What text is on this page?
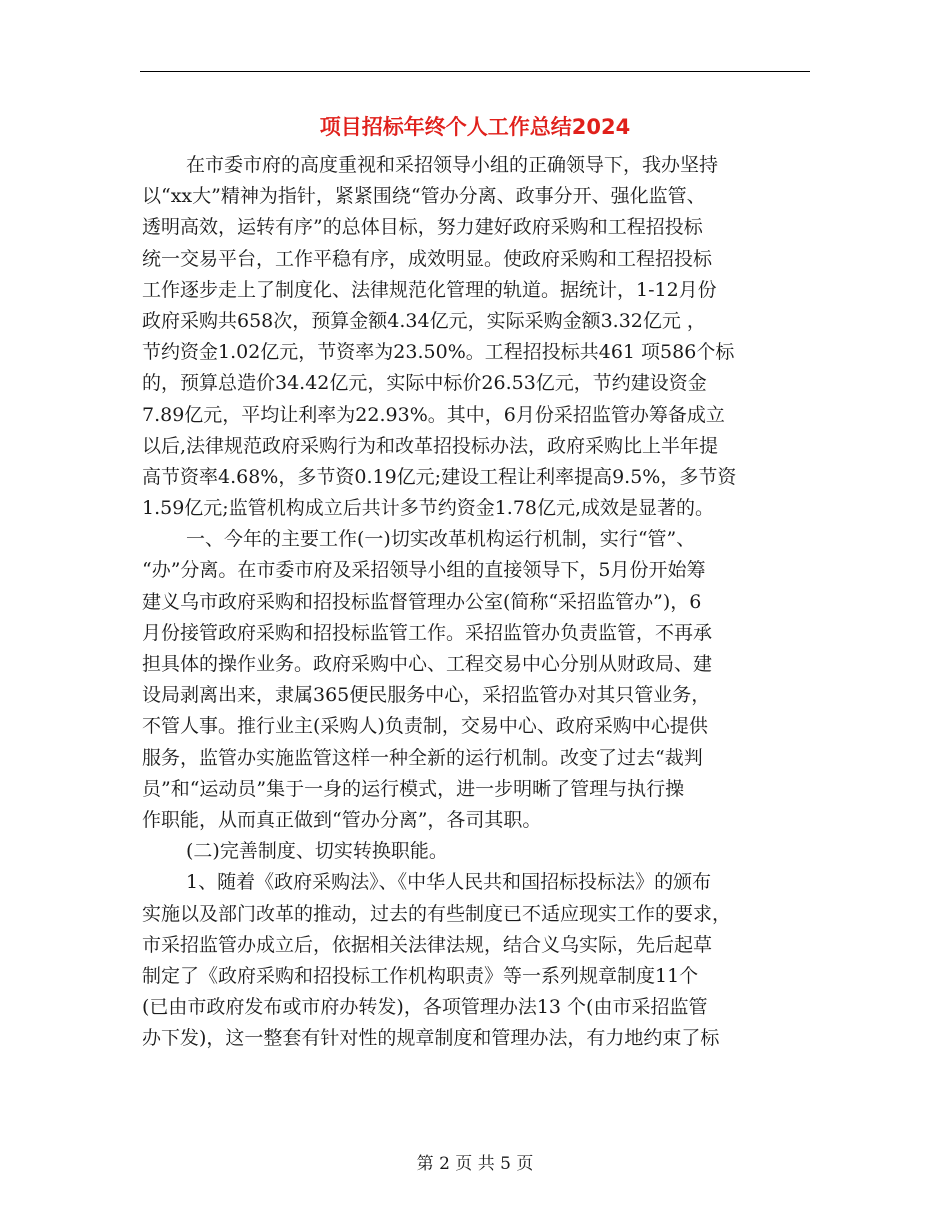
项目招标年终个人工作总结2024
在市委市府的高度重视和采招领导小组的正确领导下，我办坚持
以“xx大”精神为指针，紧紧围绕“管办分离、政事分开、强化监管、
透明高效，运转有序”的总体目标，努力建好政府采购和工程招投标
统一交易平台，工作平稳有序，成效明显。使政府采购和工程招投标
工作逐步走上了制度化、法律规范化管理的轨道。据统计，1-12月份
政府采购共658次，预算金额4.34亿元，实际采购金额3.32亿元 ，
节约资金1.02亿元，节资率为23.50%。工程招投标共461 项586个标
的，预算总造价34.42亿元，实际中标价26.53亿元，节约建设资金
7.89亿元，平均让利率为22.93%。其中，6月份采招监管办筹备成立
以后,法律规范政府采购行为和改革招投标办法，政府采购比上半年提
高节资率4.68%，多节资0.19亿元;建设工程让利率提高9.5%，多节资
1.59亿元;监管机构成立后共计多节约资金1.78亿元,成效是显著的。
一、今年的主要工作(一)切实改革机构运行机制，实行“管”、
“办”分离。在市委市府及采招领导小组的直接领导下，5月份开始筹
建义乌市政府采购和招投标监督管理办公室(简称“采招监管办”)，6
月份接管政府采购和招投标监管工作。采招监管办负责监管，不再承
担具体的操作业务。政府采购中心、工程交易中心分别从财政局、建
设局剥离出来，隶属365便民服务中心，采招监管办对其只管业务，
不管人事。推行业主(采购人)负责制，交易中心、政府采购中心提供
服务，监管办实施监管这样一种全新的运行机制。改变了过去“裁判
员”和“运动员”集于一身的运行模式，进一步明晰了管理与执行操
作职能，从而真正做到“管办分离”，各司其职。
(二)完善制度、切实转换职能。
1、随着《政府采购法》、《中华人民共和国招标投标法》的颁布
实施以及部门改革的推动，过去的有些制度已不适应现实工作的要求，
市采招监管办成立后，依据相关法律法规，结合义乌实际，先后起草
制定了《政府采购和招投标工作机构职责》等一系列规章制度11个
(已由市政府发布或市府办转发)，各项管理办法13 个(由市采招监管
办下发)，这一整套有针对性的规章制度和管理办法，有力地约束了标
第 2 页 共 5 页
